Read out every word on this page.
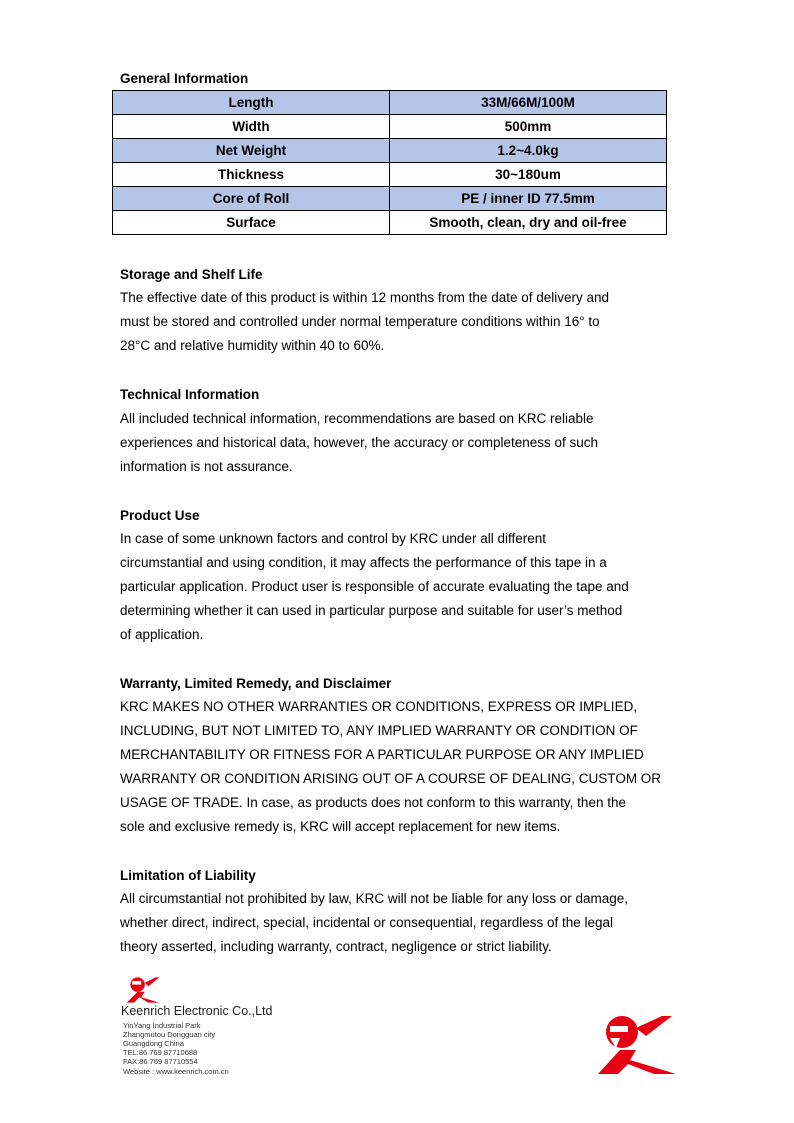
General Information

Length	33M/66M/100M
Width	500mm
Net Weight	1.2~4.0kg
Thickness	30~180um
Core of Roll	PE / inner ID 77.5mm
Surface	Smooth, clean, dry and oil-free

Storage and Shelf Life

The effective date of this product is within 12 months from the date of delivery and
must be stored and controlled under normal temperature conditions within 16° to
28°C and relative humidity within 40 to 60%.

Technical Information

All included technical information, recommendations are based on KRC reliable
experiences and historical data, however, the accuracy or completeness of such
information is not assurance.

Product Use

In case of some unknown factors and control by KRC under all different
circumstantial and using condition, it may affects the performance of this tape in a
particular application. Product user is responsible of accurate evaluating the tape and
determining whether it can used in particular purpose and suitable for user’s method
of application.

Warranty, Limited Remedy, and Disclaimer

KRC MAKES NO OTHER WARRANTIES OR CONDITIONS, EXPRESS OR IMPLIED,
INCLUDING, BUT NOT LIMITED TO, ANY IMPLIED WARRANTY OR CONDITION OF
MERCHANTABILITY OR FITNESS FOR A PARTICULAR PURPOSE OR ANY IMPLIED
WARRANTY OR CONDITION ARISING OUT OF A COURSE OF DEALING, CUSTOM OR
USAGE OF TRADE. In case, as products does not conform to this warranty, then the
sole and exclusive remedy is, KRC will accept replacement for new items.

Limitation of Liability

All circumstantial not prohibited by law, KRC will not be liable for any loss or damage,
whether direct, indirect, special, incidental or consequential, regardless of the legal
theory asserted, including warranty, contract, negligence or strict liability.
Keenrich Electronic Co.,Ltd
YinYang Industrial Park
Zhangmutou Dongguan city
Guangdong China
TEL:86 769 87710688
FAX:86 769 87710554
Website : www.keenrich.com.cn
